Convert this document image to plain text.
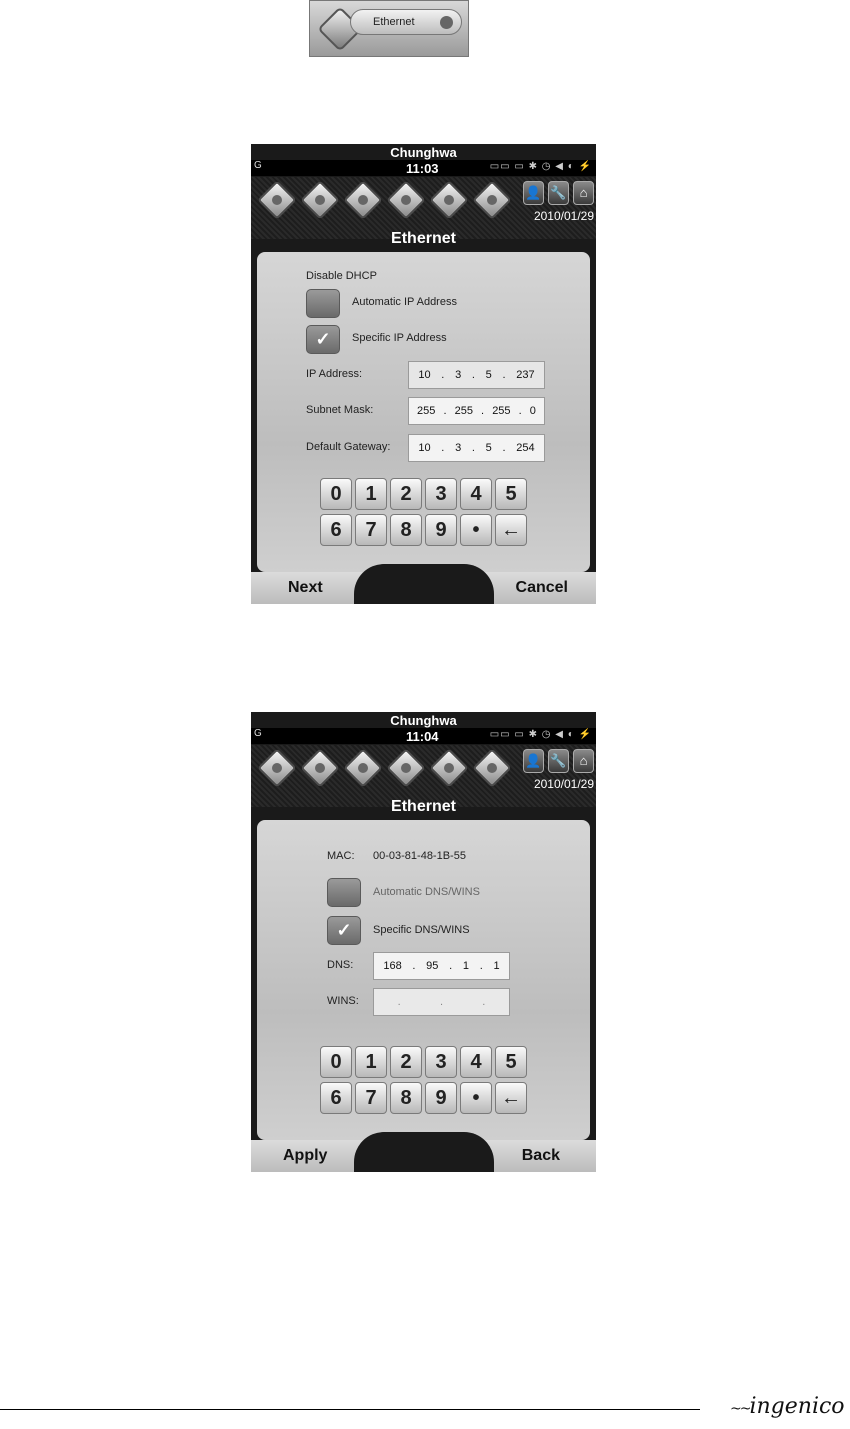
Ethernet
Chunghwa
G	11:03	▭▭ ▭ ✱ ◷ ◀ ◐ ⚡
👤 🔧 ⌂
2010/01/29
Ethernet
Disable DHCP
Automatic IP Address
✓	Specific IP Address
IP Address:	10 . 3 . 5 . 237
Subnet Mask:	255 . 255 . 255 . 0
Default Gateway:	10 . 3 . 5 . 254
0	1	2	3	4	5
6	7	8	9	•	←
Next	Cancel
Chunghwa
G	11:04	▭▭ ▭ ✱ ◷ ◀ ◐ ⚡
👤 🔧 ⌂
2010/01/29
Ethernet
MAC: 00-03-81-48-1B-55
Automatic DNS/WINS
✓	Specific DNS/WINS
DNS:	168 . 95 . 1 . 1
WINS:	.	.	.
0	1	2	3	4	5
6	7	8	9	•	←
Apply	Back
~~ingenico
